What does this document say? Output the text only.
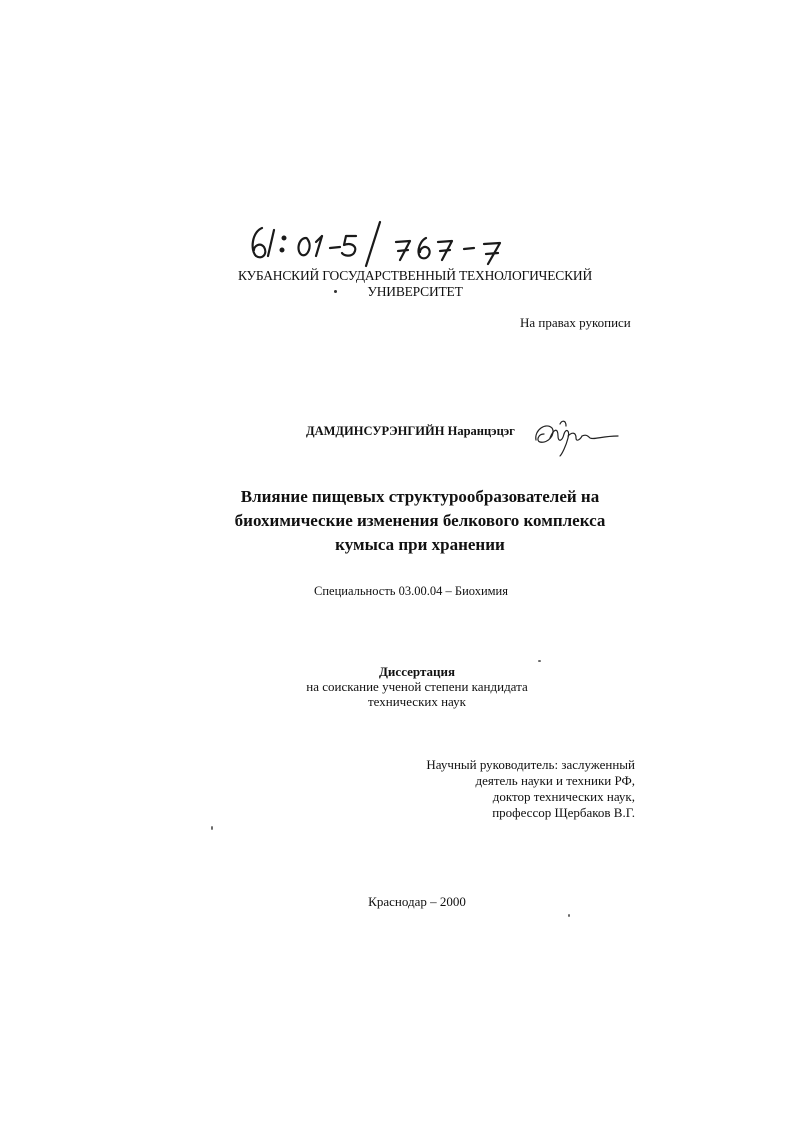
КУБАНСКИЙ ГОСУДАРСТВЕННЫЙ ТЕХНОЛОГИЧЕСКИЙ
УНИВЕРСИТЕТ
На правах рукописи
ДАМДИНСУРЭНГИЙН Наранцэцэг
Влияние пищевых структурообразователей на
биохимические изменения белкового комплекса
кумыса при хранении
Специальность 03.00.04 – Биохимия
Диссертация
на соискание ученой степени кандидата
технических наук
Научный руководитель: заслуженный
деятель науки и техники РФ,
доктор технических наук,
профессор Щербаков В.Г.
Краснодар – 2000
